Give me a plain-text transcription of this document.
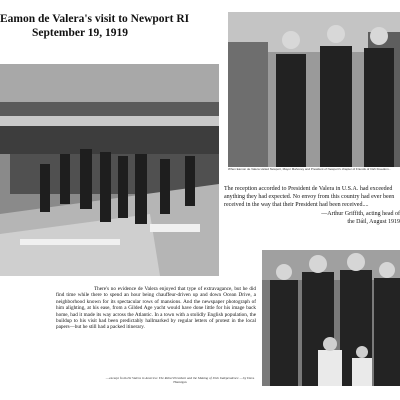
Eamon de Valera's visit to Newport RI
September 19, 1919
When Eamon de Valera visited Newport, Mayor Mahoney and President of Newport's chapter of Friends of Irish Freedom...

The reception accorded to President de Valera in U.S.A. had exceeded anything they had expected. No envoy from this country had ever been received in the way that their President had been received....

—Arthur Griffith, acting head of
the Dáil, August 1919

There's no evidence de Valera enjoyed that type of extravagance, but he did find time while there to spend an hour being chauffeur-driven up and down Ocean Drive, a neighborhood known for its spectacular rows of mansions. And the newspaper photograph of him alighting, at his ease, from a Gilded Age yacht would have done little for his image back home, had it made its way across the Atlantic. In a town with a stolidly English population, the buildup to his visit had been predictably hallmarked by regular letters of protest in the local papers—but he still had a packed itinerary.

—excerpt from De Valera in America: The Rebel President and the Making of Irish Independence —by Dave Hannigan
